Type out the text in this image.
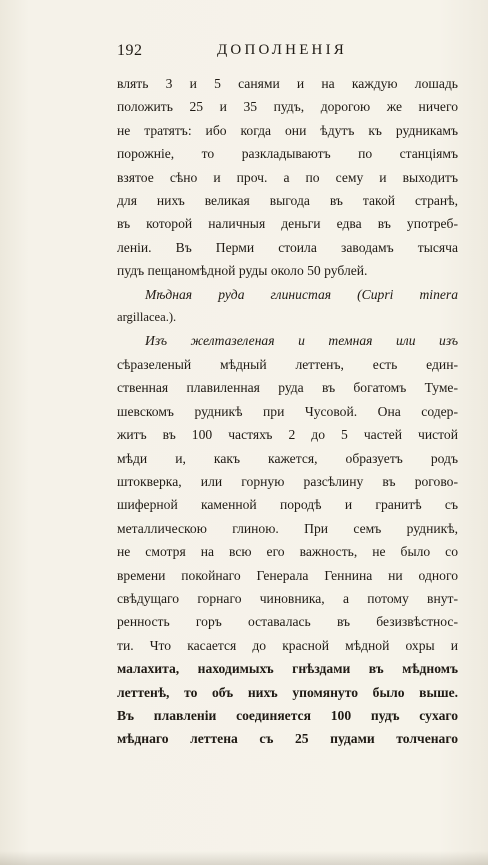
192	ДОПОЛНЕНІЯ
влять 3 и 5 санями и на каждую лошадь
положить 25 и 35 пудъ, дорогою же ничего
не тратятъ: ибо когда они ѣдутъ къ рудникамъ
порожніе, то разкладываютъ по станціямъ
взятое сѣно и проч. а по сему и выходитъ
для нихъ великая выгода въ такой странѣ,
въ которой наличныя деньги едва въ употреб-
леніи. Въ Перми стоила заводамъ тысяча
пудъ пещаномѣдной руды около 50 рублей.
Мѣдная руда глинистая (Cupri minera
argillacea.).
Изъ желтазеленая и темная или изъ
сѣразеленый мѣдный леттенъ, есть един-
ственная плавиленная руда въ богатомъ Туме-
шевскомъ рудникѣ при Чусовой. Она содер-
житъ въ 100 частяхъ 2 до 5 частей чистой
мѣди и, какъ кажется, образуетъ родъ
штокверка, или горную разсѣлину въ рогово-
шиферной каменной породѣ и гранитѣ съ
металлическою глиною. При семъ рудникѣ,
не смотря на всю его важность, не было со
времени покойнаго Генерала Геннина ни одного
свѣдущаго горнаго чиновника, а потому внут-
ренность горъ оставалась въ безизвѣстнос-
ти. Что касается до красной мѣдной охры и
малахита, находимыхъ гнѣздами въ мѣдномъ
леттенѣ, то объ нихъ упомянуто было выше.
Въ плавленіи соединяется 100 пудъ сухаго
мѣднаго леттена съ 25 пудами толченаго
